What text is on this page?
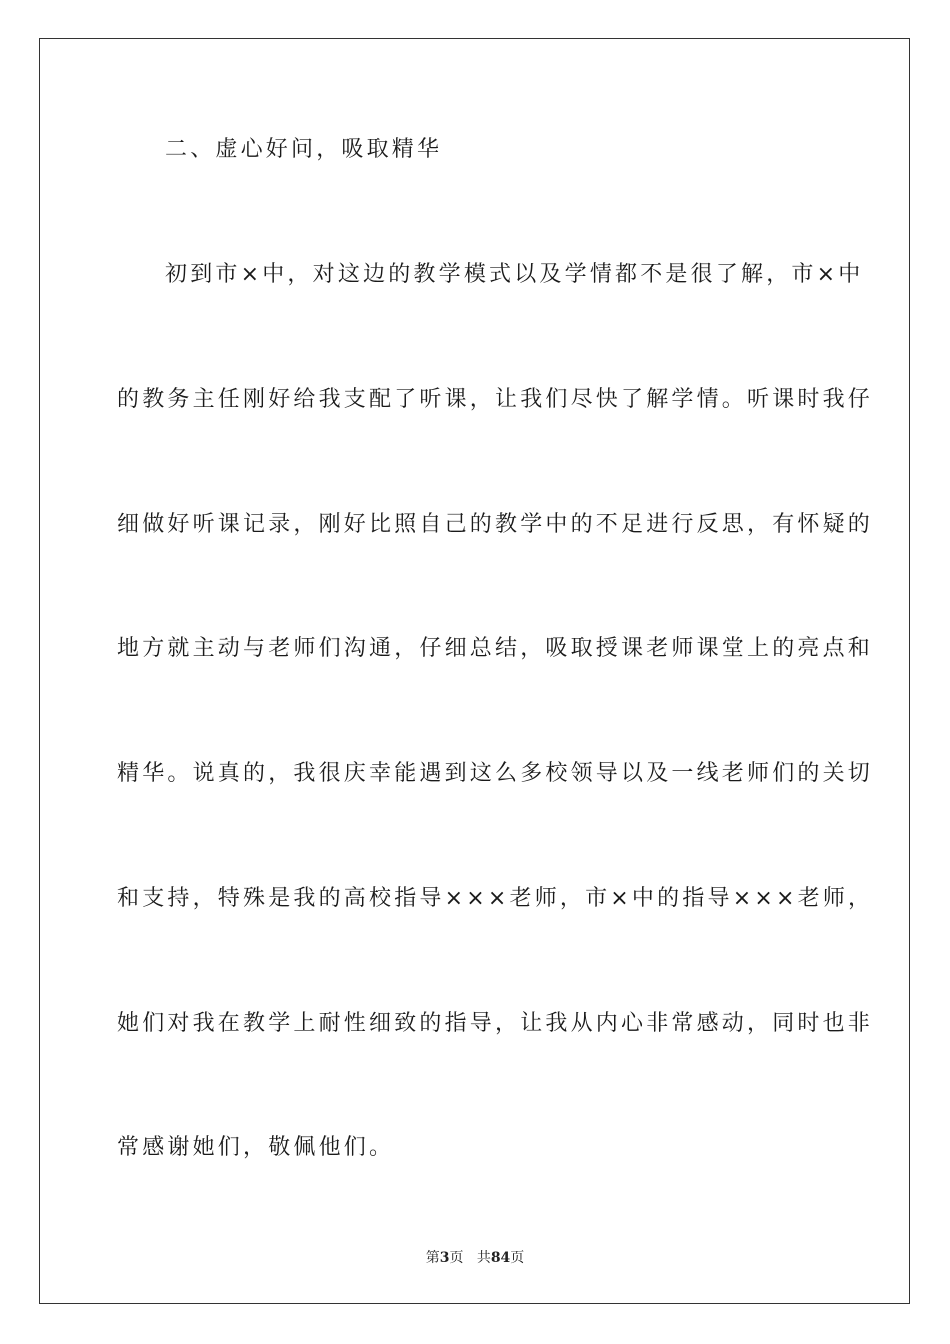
二、虚心好问，吸取精华
初到市×中，对这边的教学模式以及学情都不是很了解，市×中
的教务主任刚好给我支配了听课，让我们尽快了解学情。听课时我仔
细做好听课记录，刚好比照自己的教学中的不足进行反思，有怀疑的
地方就主动与老师们沟通，仔细总结，吸取授课老师课堂上的亮点和
精华。说真的，我很庆幸能遇到这么多校领导以及一线老师们的关切
和支持，特殊是我的高校指导×××老师，市×中的指导×××老师，
她们对我在教学上耐性细致的指导，让我从内心非常感动，同时也非
常感谢她们，敬佩他们。
第3页 共84页
